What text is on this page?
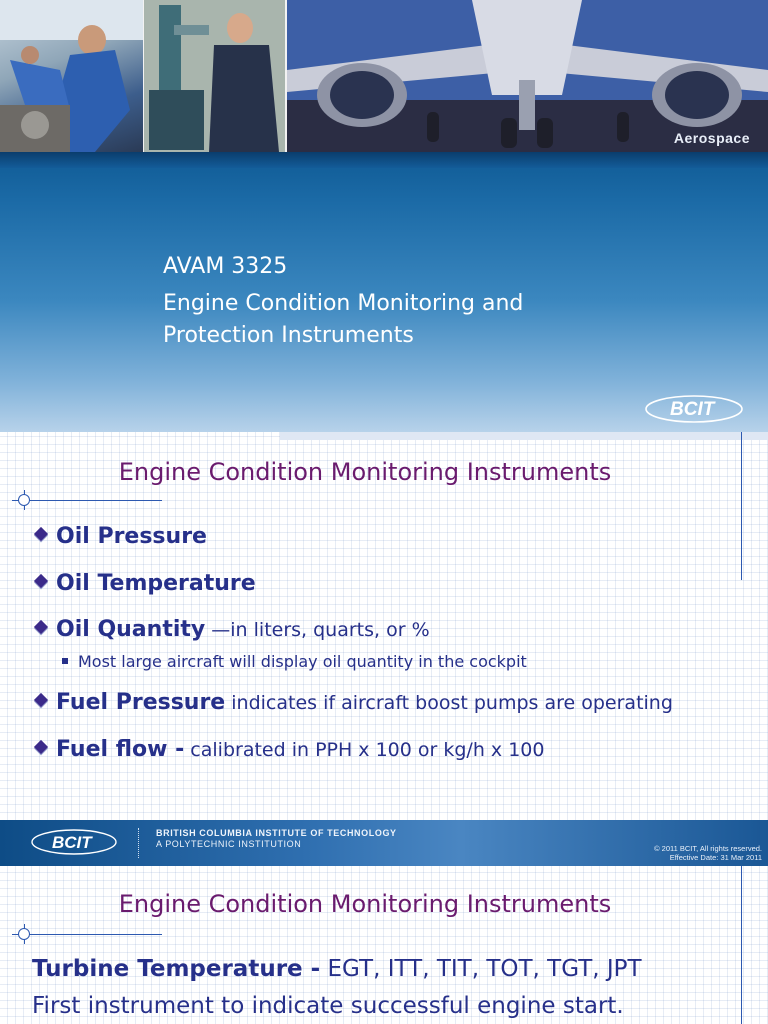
Aerospace
AVAM 3325
Engine Condition Monitoring and
Protection Instruments
BCIT
Engine Condition Monitoring Instruments
Oil Pressure
Oil Temperature
Oil Quantity —in liters, quarts, or %
Most large aircraft will display oil quantity in the cockpit
Fuel Pressure indicates if aircraft boost pumps are operating
Fuel flow - calibrated in PPH x 100 or kg/h x 100
BCIT	BRITISH COLUMBIA INSTITUTE OF TECHNOLOGY
A POLYTECHNIC INSTITUTION	© 2011 BCIT, All rights reserved.
Effective Date: 31 Mar 2011
Engine Condition Monitoring Instruments
Turbine Temperature - EGT, ITT, TIT, TOT, TGT, JPT
First instrument to indicate successful engine start.
